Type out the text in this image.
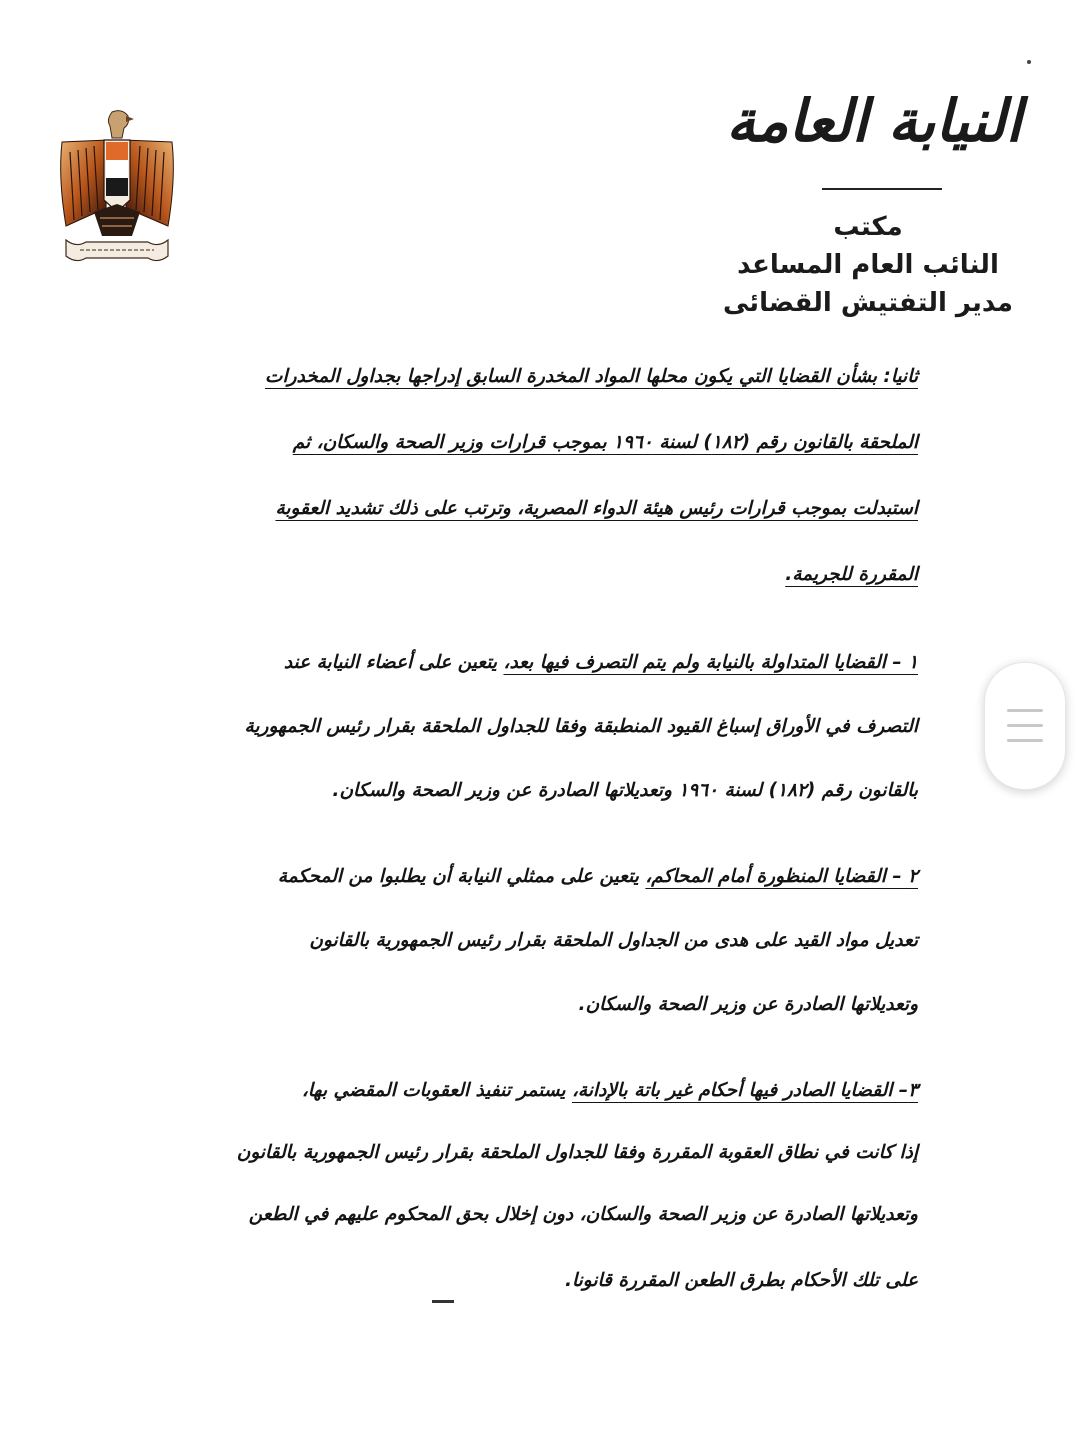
النيابة العامة
مكتب
النائب العام المساعد
مدير التفتيش القضائى
ثانيا: بشأن القضايا التي يكون محلها المواد المخدرة السابق إدراجها بجداول المخدرات
الملحقة بالقانون رقم (١٨٢) لسنة ١٩٦٠ بموجب قرارات وزير الصحة والسكان، ثم
استبدلت بموجب قرارات رئيس هيئة الدواء المصرية، وترتب على ذلك تشديد العقوبة
المقررة للجريمة.
١ – القضايا المتداولة بالنيابة ولم يتم التصرف فيها بعد، يتعين على أعضاء النيابة عند
التصرف في الأوراق إسباغ القيود المنطبقة وفقا للجداول الملحقة بقرار رئيس الجمهورية
بالقانون رقم (١٨٢) لسنة ١٩٦٠ وتعديلاتها الصادرة عن وزير الصحة والسكان.
٢ – القضايا المنظورة أمام المحاكم، يتعين على ممثلي النيابة أن يطلبوا من المحكمة
تعديل مواد القيد على هدى من الجداول الملحقة بقرار رئيس الجمهورية بالقانون
وتعديلاتها الصادرة عن وزير الصحة والسكان.
٣– القضايا الصادر فيها أحكام غير باتة بالإدانة، يستمر تنفيذ العقوبات المقضي بها،
إذا كانت في نطاق العقوبة المقررة وفقا للجداول الملحقة بقرار رئيس الجمهورية بالقانون
وتعديلاتها الصادرة عن وزير الصحة والسكان، دون إخلال بحق المحكوم عليهم في الطعن
على تلك الأحكام بطرق الطعن المقررة قانونا.
